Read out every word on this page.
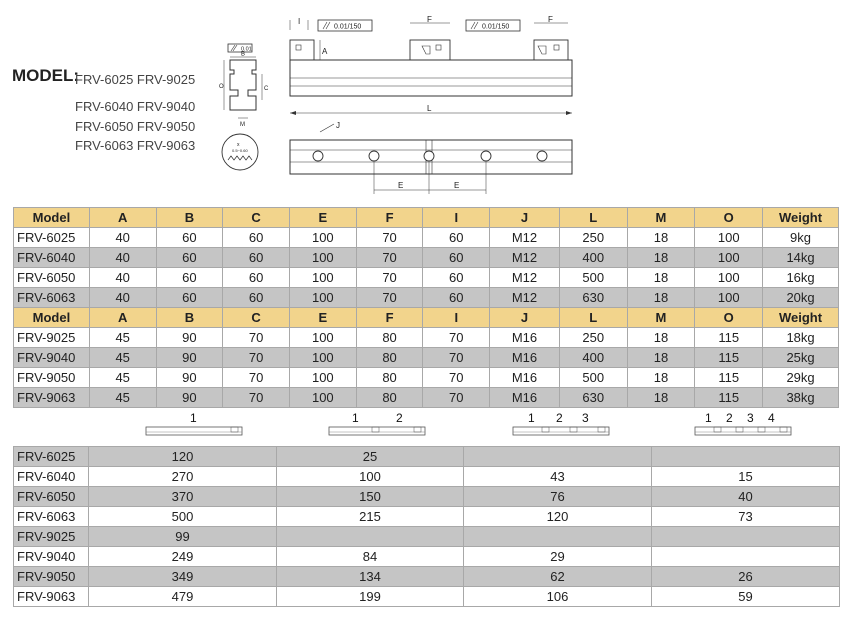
MODEL:
FRV-6025 FRV-9025
FRV-6040 FRV-9040
FRV-6050 FRV-9050
FRV-6063 FRV-9063
0.01
B
O	C
M
x
0.5~0.60
I
0.01/150
F
0.01/150
F
A
L
J
E	E
Model	A	B	C	E	F	I	J	L	M	O	Weight
FRV-6025	40	60	60	100	70	60	M12	250	18	100	9kg
FRV-6040	40	60	60	100	70	60	M12	400	18	100	14kg
FRV-6050	40	60	60	100	70	60	M12	500	18	100	16kg
FRV-6063	40	60	60	100	70	60	M12	630	18	100	20kg
Model	A	B	C	E	F	I	J	L	M	O	Weight
FRV-9025	45	90	70	100	80	70	M16	250	18	115	18kg
FRV-9040	45	90	70	100	80	70	M16	400	18	115	25kg
FRV-9050	45	90	70	100	80	70	M16	500	18	115	29kg
FRV-9063	45	90	70	100	80	70	M16	630	18	115	38kg
1	1	2	1 2 3	1 2 3 4
FRV-6025	120	25		
FRV-6040	270	100	43	15
FRV-6050	370	150	76	40
FRV-6063	500	215	120	73
FRV-9025	99			
FRV-9040	249	84	29	
FRV-9050	349	134	62	26
FRV-9063	479	199	106	59
